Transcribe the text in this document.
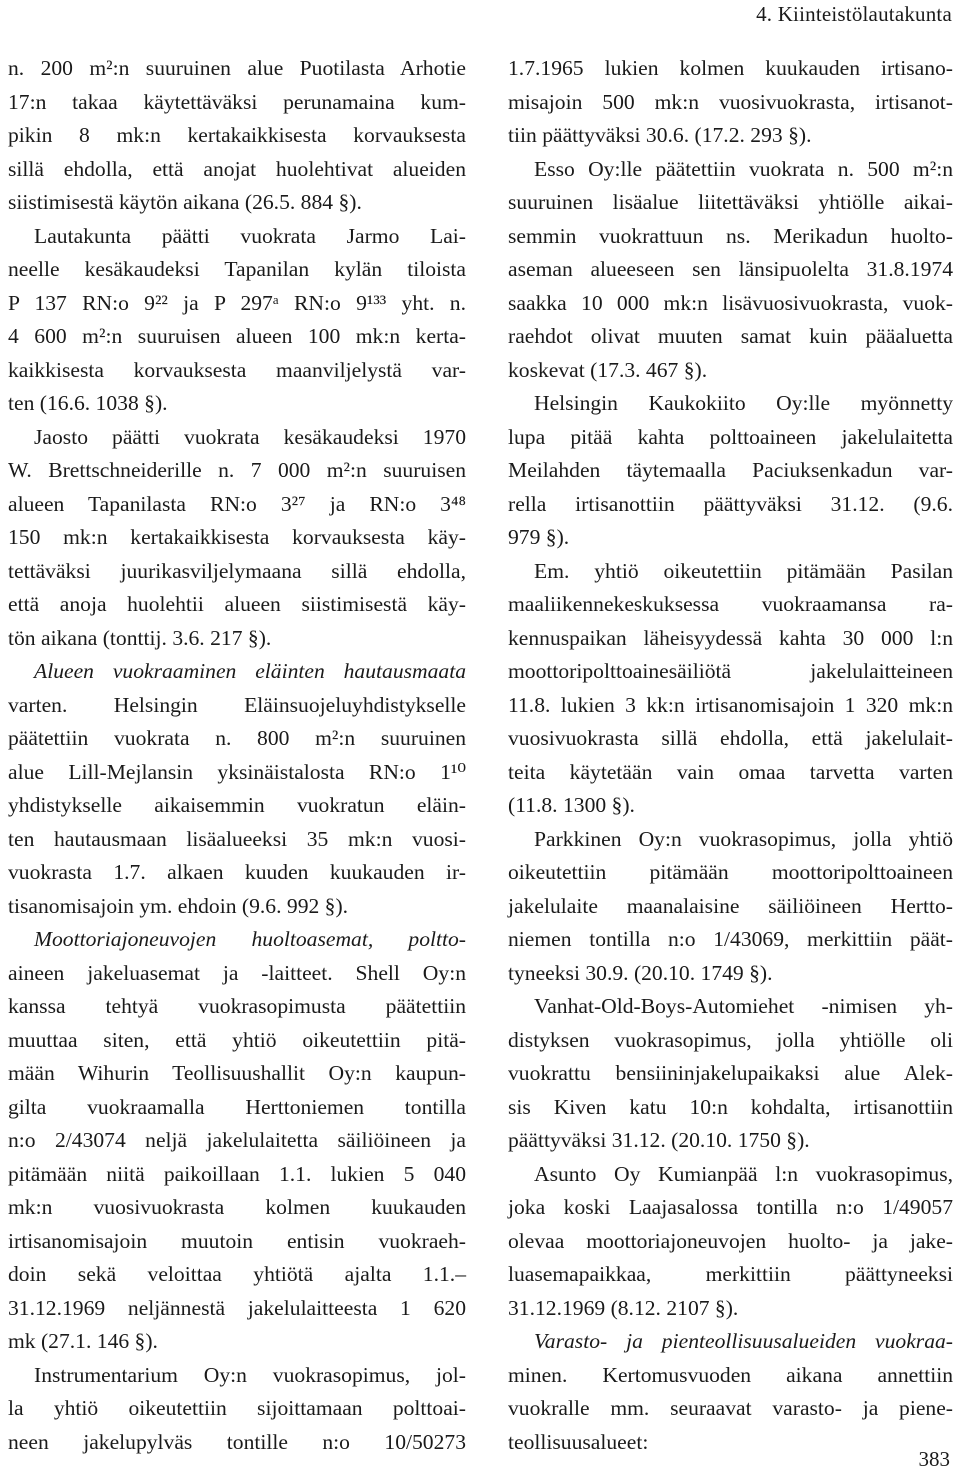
4. Kiinteistölautakunta
n. 200 m²:n suuruinen alue Puotilasta Arhotie
17:n takaa käytettäväksi perunamaina kum-
pikin 8 mk:n kertakaikkisesta korvauksesta
sillä ehdolla, että anojat huolehtivat alueiden
siistimisestä käytön aikana (26.5. 884 §).
Lautakunta päätti vuokrata Jarmo Lai-
neelle kesäkaudeksi Tapanilan kylän tiloista
P 137 RN:o 9²² ja P 297ᵃ RN:o 9¹³³ yht. n.
4 600 m²:n suuruisen alueen 100 mk:n kerta-
kaikkisesta korvauksesta maanviljelystä var-
ten (16.6. 1038 §).
Jaosto päätti vuokrata kesäkaudeksi 1970
W. Brettschneiderille n. 7 000 m²:n suuruisen
alueen Tapanilasta RN:o 3²⁷ ja RN:o 3⁴⁸
150 mk:n kertakaikkisesta korvauksesta käy-
tettäväksi juurikasviljelymaana sillä ehdolla,
että anoja huolehtii alueen siistimisestä käy-
tön aikana (tonttij. 3.6. 217 §).
Alueen vuokraaminen eläinten hautausmaata
varten. Helsingin Eläinsuojeluyhdistykselle
päätettiin vuokrata n. 800 m²:n suuruinen
alue Lill-Mejlansin yksinäistalosta RN:o 1¹⁰
yhdistykselle aikaisemmin vuokratun eläin-
ten hautausmaan lisäalueeksi 35 mk:n vuosi-
vuokrasta 1.7. alkaen kuuden kuukauden ir-
tisanomisajoin ym. ehdoin (9.6. 992 §).
Moottoriajoneuvojen huoltoasemat, poltto-
aineen jakeluasemat ja -laitteet. Shell Oy:n
kanssa tehtyä vuokrasopimusta päätettiin
muuttaa siten, että yhtiö oikeutettiin pitä-
mään Wihurin Teollisuushallit Oy:n kaupun-
gilta vuokraamalla Herttoniemen tontilla
n:o 2/43074 neljä jakelulaitetta säiliöineen ja
pitämään niitä paikoillaan 1.1. lukien 5 040
mk:n vuosivuokrasta kolmen kuukauden
irtisanomisajoin muutoin entisin vuokraeh-
doin sekä veloittaa yhtiötä ajalta 1.1.–
31.12.1969 neljännestä jakelulaitteesta 1 620
mk (27.1. 146 §).
Instrumentarium Oy:n vuokrasopimus, jol-
la yhtiö oikeutettiin sijoittamaan polttoai-
neen jakelupylväs tontille n:o 10/50273
1.7.1965 lukien kolmen kuukauden irtisano-
misajoin 500 mk:n vuosivuokrasta, irtisanot-
tiin päättyväksi 30.6. (17.2. 293 §).
Esso Oy:lle päätettiin vuokrata n. 500 m²:n
suuruinen lisäalue liitettäväksi yhtiölle aikai-
semmin vuokrattuun ns. Merikadun huolto-
aseman alueeseen sen länsipuolelta 31.8.1974
saakka 10 000 mk:n lisävuosivuokrasta, vuok-
raehdot olivat muuten samat kuin pääaluetta
koskevat (17.3. 467 §).
Helsingin Kaukokiito Oy:lle myönnetty
lupa pitää kahta polttoaineen jakelulaitetta
Meilahden täytemaalla Paciuksenkadun var-
rella irtisanottiin päättyväksi 31.12. (9.6.
979 §).
Em. yhtiö oikeutettiin pitämään Pasilan
maaliikennekeskuksessa vuokraamansa ra-
kennuspaikan läheisyydessä kahta 30 000 l:n
moottoripolttoainesäiliötä jakelulaitteineen
11.8. lukien 3 kk:n irtisanomisajoin 1 320 mk:n
vuosivuokrasta sillä ehdolla, että jakelulait-
teita käytetään vain omaa tarvetta varten
(11.8. 1300 §).
Parkkinen Oy:n vuokrasopimus, jolla yhtiö
oikeutettiin pitämään moottoripolttoaineen
jakelulaite maanalaisine säiliöineen Hertto-
niemen tontilla n:o 1/43069, merkittiin päät-
tyneeksi 30.9. (20.10. 1749 §).
Vanhat-Old-Boys-Automiehet -nimisen yh-
distyksen vuokrasopimus, jolla yhtiölle oli
vuokrattu bensiininjakelupaikaksi alue Alek-
sis Kiven katu 10:n kohdalta, irtisanottiin
päättyväksi 31.12. (20.10. 1750 §).
Asunto Oy Kumianpää l:n vuokrasopimus,
joka koski Laajasalossa tontilla n:o 1/49057
olevaa moottoriajoneuvojen huolto- ja jake-
luasemapaikkaa, merkittiin päättyneeksi
31.12.1969 (8.12. 2107 §).
Varasto- ja pienteollisuusalueiden vuokraa-
minen. Kertomusvuoden aikana annettiin
vuokralle mm. seuraavat varasto- ja piene-
teollisuusalueet:
383
